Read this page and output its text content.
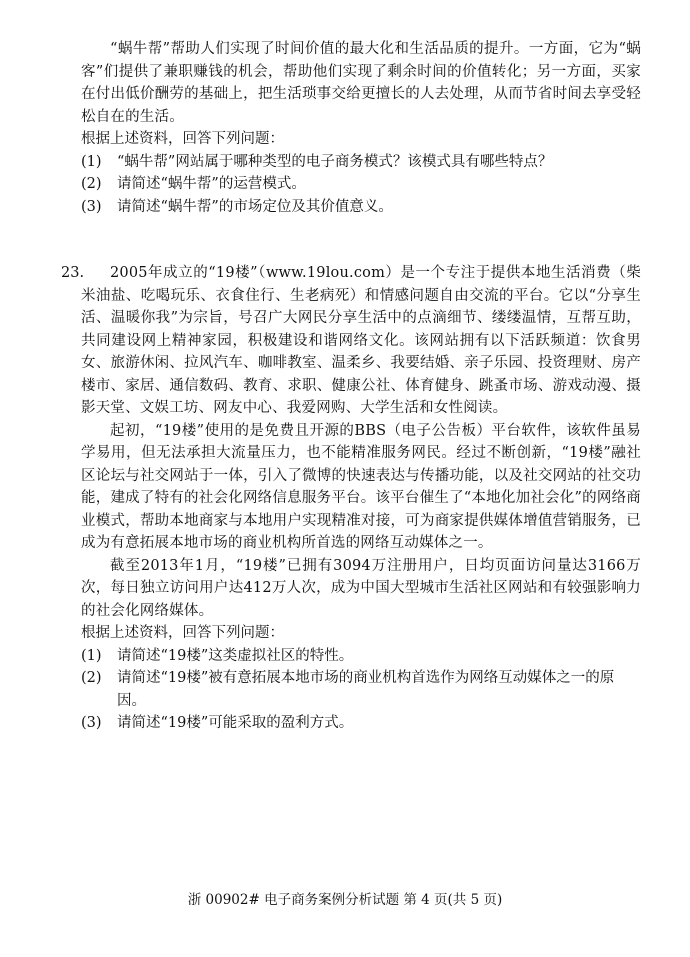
“蜗牛帮”帮助人们实现了时间价值的最大化和生活品质的提升。一方面，它为“蜗客”们提供了兼职赚钱的机会，帮助他们实现了剩余时间的价值转化；另一方面，买家在付出低价酬劳的基础上，把生活琐事交给更擅长的人去处理，从而节省时间去享受轻松自在的生活。

根据上述资料，回答下列问题：

(1) “蜗牛帮”网站属于哪种类型的电子商务模式？该模式具有哪些特点？
(2) 请简述“蜗牛帮”的运营模式。
(3) 请简述“蜗牛帮”的市场定位及其价值意义。
23.	2005年成立的“19楼”（www.19lou.com）是一个专注于提供本地生活消费（柴米油盐、吃喝玩乐、衣食住行、生老病死）和情感问题自由交流的平台。它以“分享生活、温暖你我”为宗旨，号召广大网民分享生活中的点滴细节、缕缕温情，互帮互助，共同建设网上精神家园，积极建设和谐网络文化。该网站拥有以下活跃频道：饮食男女、旅游休闲、拉风汽车、咖啡教室、温柔乡、我要结婚、亲子乐园、投资理财、房产楼市、家居、通信数码、教育、求职、健康公社、体育健身、跳蚤市场、游戏动漫、摄影天堂、文娱工坊、网友中心、我爱网购、大学生活和女性阅读。

起初，“19楼”使用的是免费且开源的BBS（电子公告板）平台软件，该软件虽易学易用，但无法承担大流量压力，也不能精准服务网民。经过不断创新，“19楼”融社区论坛与社交网站于一体，引入了微博的快速表达与传播功能，以及社交网站的社交功能，建成了特有的社会化网络信息服务平台。该平台催生了“本地化加社会化”的网络商业模式，帮助本地商家与本地用户实现精准对接，可为商家提供媒体增值营销服务，已成为有意拓展本地市场的商业机构所首选的网络互动媒体之一。

截至2013年1月，“19楼”已拥有3094万注册用户，日均页面访问量达3166万次，每日独立访问用户达412万人次，成为中国大型城市生活社区网站和有较强影响力的社会化网络媒体。

根据上述资料，回答下列问题：

(1) 请简述“19楼”这类虚拟社区的特性。
(2) 请简述“19楼”被有意拓展本地市场的商业机构首选作为网络互动媒体之一的原因。
(3) 请简述“19楼”可能采取的盈利方式。
浙 00902# 电子商务案例分析试题 第 4 页(共 5 页)
